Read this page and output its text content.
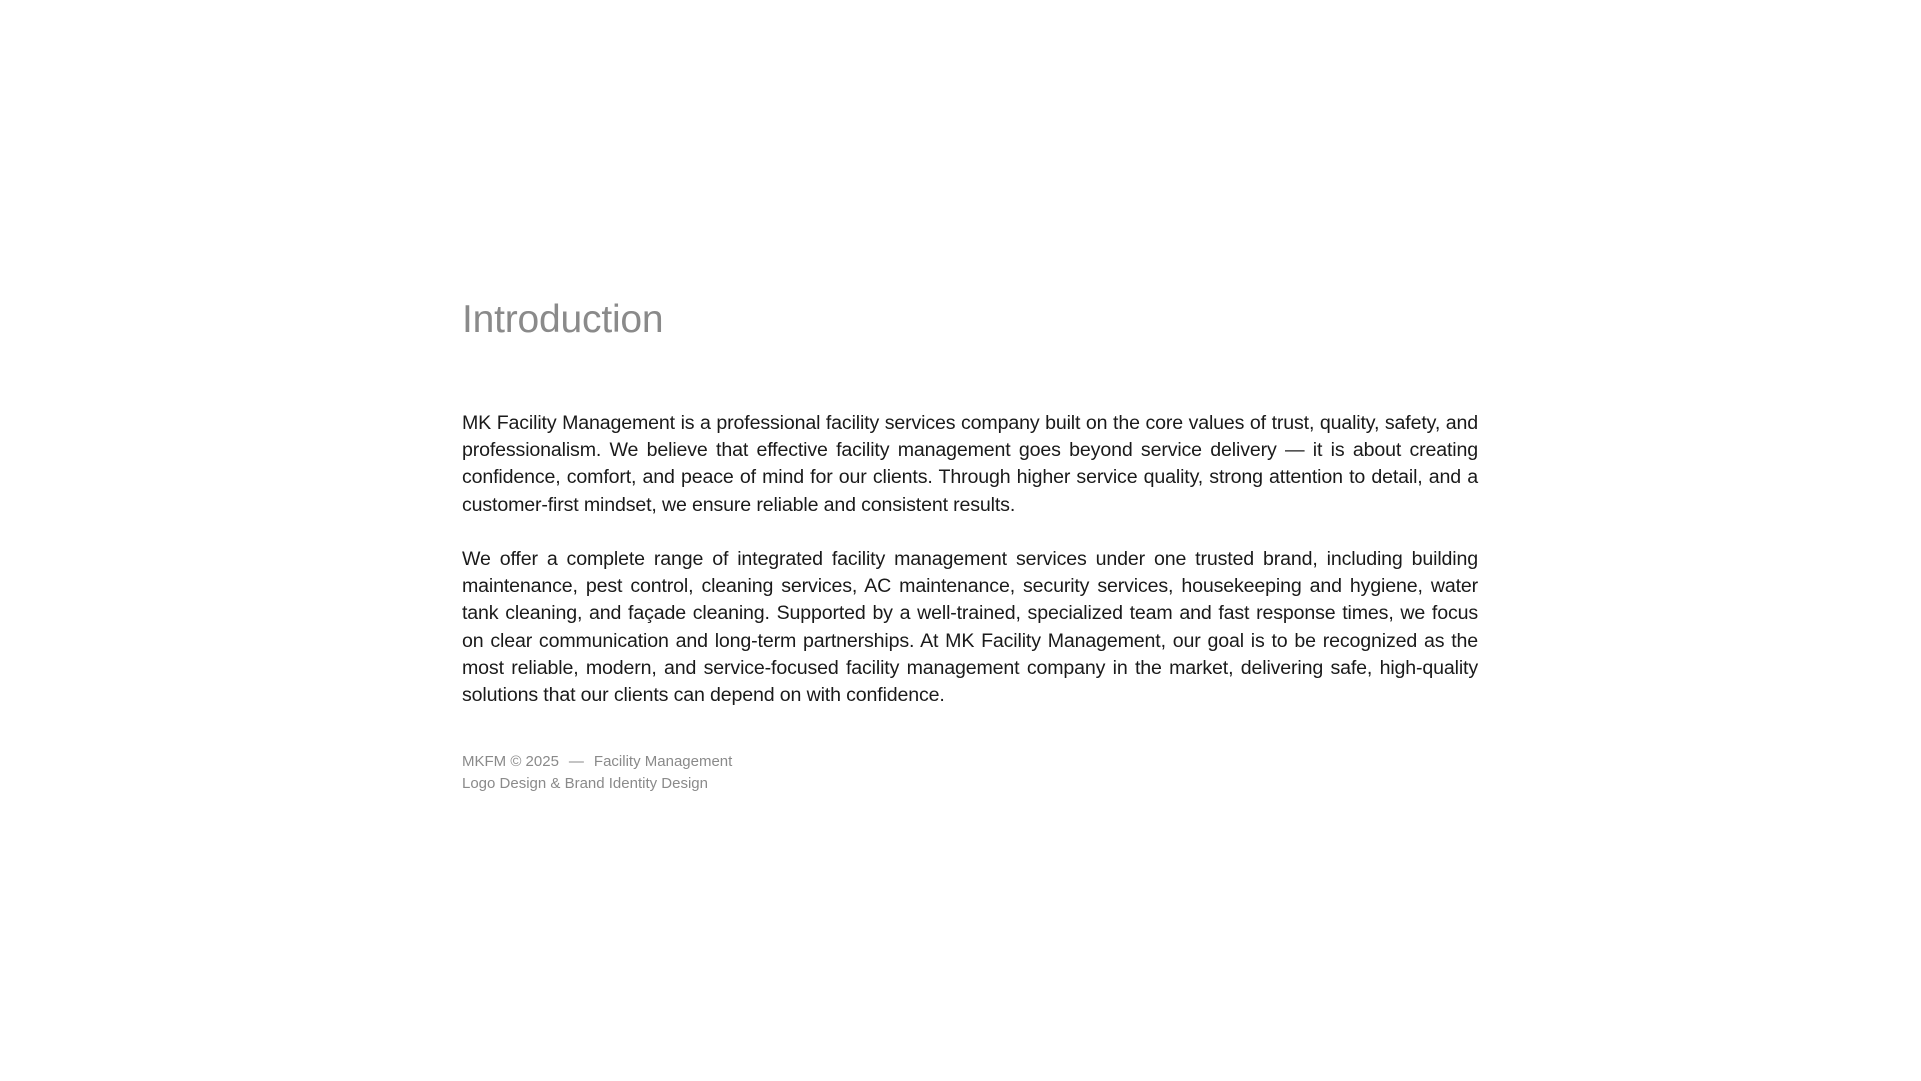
Introduction

MK Facility Management is a professional facility services company built on the core values of trust, quality, safety, and professionalism. We believe that effective facility management goes beyond service delivery — it is about creating confidence, comfort, and peace of mind for our clients. Through higher service quality, strong attention to detail, and a customer-first mindset, we ensure reliable and consistent results.

We offer a complete range of integrated facility management services under one trusted brand, including building maintenance, pest control, cleaning services, AC maintenance, security services, housekeeping and hygiene, water tank cleaning, and façade cleaning. Supported by a well-trained, specialized team and fast response times, we focus on clear communication and long-term partnerships. At MK Facility Management, our goal is to be recognized as the most reliable, modern, and service-focused facility management company in the market, delivering safe, high-quality solutions that our clients can depend on with confidence.

MKFM © 2025 — Facility Management
Logo Design & Brand Identity Design
